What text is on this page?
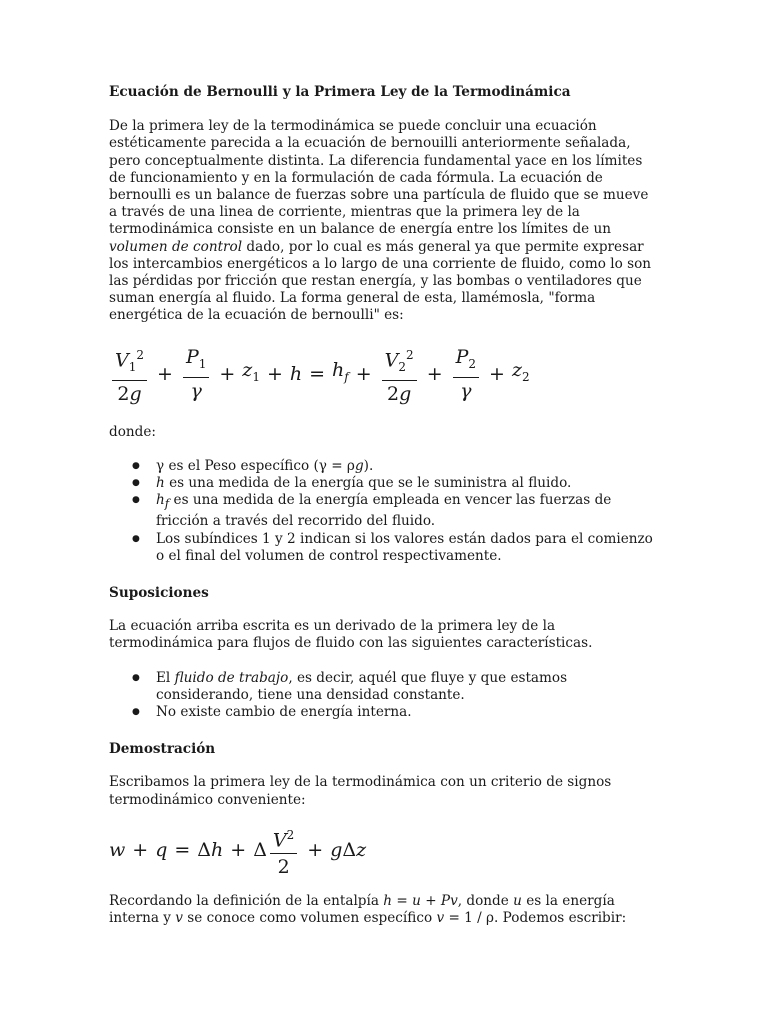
Ecuación de Bernoulli y la Primera Ley de la Termodinámica

De la primera ley de la termodinámica se puede concluir una ecuación estéticamente parecida a la ecuación de bernouilli anteriormente señalada, pero conceptualmente distinta. La diferencia fundamental yace en los límites de funcionamiento y en la formulación de cada fórmula. La ecuación de bernoulli es un balance de fuerzas sobre una partícula de fluido que se mueve a través de una linea de corriente, mientras que la primera ley de la termodinámica consiste en un balance de energía entre los límites de un volumen de control dado, por lo cual es más general ya que permite expresar los intercambios energéticos a lo largo de una corriente de fluido, como lo son las pérdidas por fricción que restan energía, y las bombas o ventiladores que suman energía al fluido. La forma general de esta, llamémosla, "forma energética de la ecuación de bernoulli" es:

$\frac{V_1^2}{2g} + \frac{P_1}{\gamma} + z_1 + h = h_f + \frac{V_2^2}{2g} + \frac{P_2}{\gamma} + z_2$

donde:

● γ es el Peso específico (γ = ρg).
● h es una medida de la energía que se le suministra al fluido.
● $h_f$ es una medida de la energía empleada en vencer las fuerzas de fricción a través del recorrido del fluido.
● Los subíndices 1 y 2 indican si los valores están dados para el comienzo o el final del volumen de control respectivamente.
Suposiciones

La ecuación arriba escrita es un derivado de la primera ley de la termodinámica para flujos de fluido con las siguientes características.

● El fluido de trabajo, es decir, aquél que fluye y que estamos considerando, tiene una densidad constante.
● No existe cambio de energía interna.
Demostración

Escribamos la primera ley de la termodinámica con un criterio de signos termodinámico conveniente:

w + q = Δ h + Δ $\frac{V^2}{2} + g$ Δ z

Recordando la definición de la entalpía h = u + Pv, donde u es la energía interna y v se conoce como volumen específico v = 1 / ρ. Podemos escribir:
